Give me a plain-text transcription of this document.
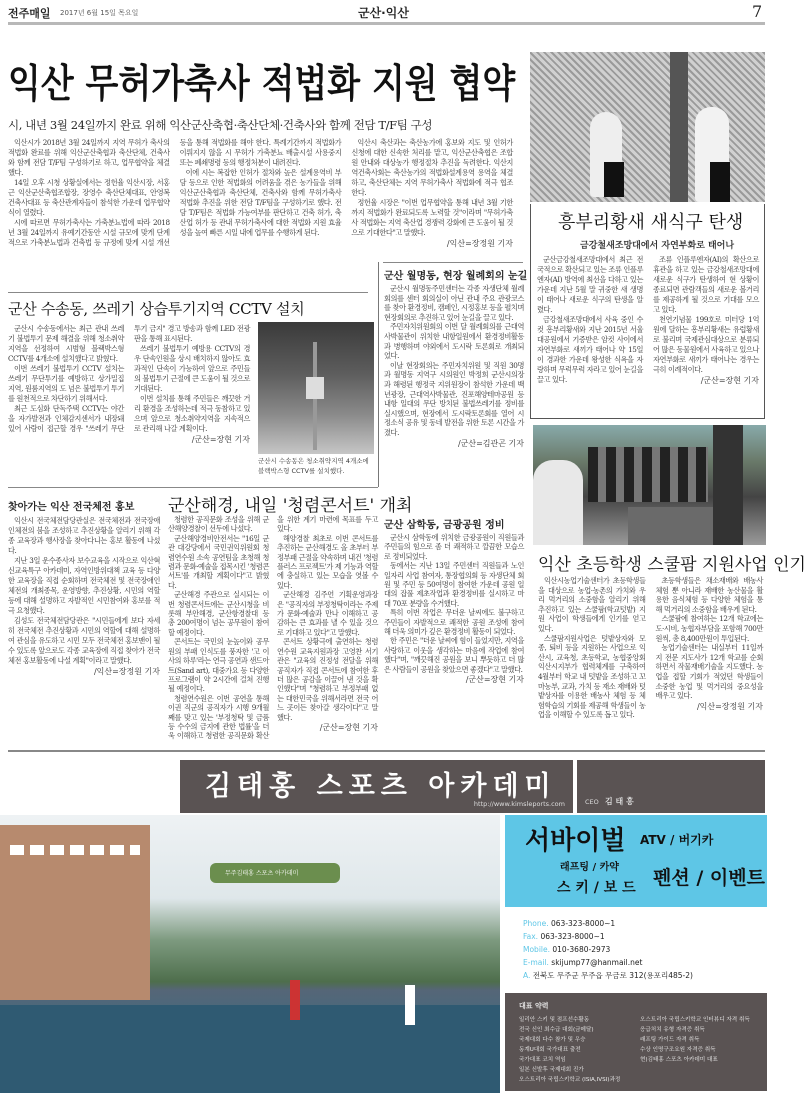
전주매일 2017년 6월 15일 목요일	군산·익산	7
익산 무허가축사 적법화 지원 협약
시, 내년 3월 24일까지 완료 위해 익산군산축협·축산단체·건축사와 함께 전담 T/F팀 구성

익산시가 2018년 3월 24일까지 지역 무허가 축사의 적법화 완료를 위해 익산군산축협과 축산단체, 건축사와 함께 전담 T/F팀 구성하기로 하고, 업무협약을 체결했다.

14일 오후 시청 상황실에서는 정헌율 익산시장, 서홍근 익산군산축협조합장, 장영수 축산단체대표, 안영복 건축사대표 등 축산관계자들이 참석한 가운데 업무협약식이 열렸다.

시에 따르면 무허가축사는 가축분뇨법에 따라 2018년 3월 24일까지 유예기간동안 시설 규모에 맞게 단계적으로 가축분뇨법과 건축법 등 규정에 맞게 시설 개선 등을 통해 적법화를 해야 한다. 특례기간까지 적법화가 이뤄지지 않을 시 무허가 가축분뇨 배출시설 사용중지 또는 폐쇄명령 등의 행정처분이 내려진다.

이에 시는 복잡한 인허가 절차와 높은 설계용역비 부담 등으로 인한 적법화의 어려움을 겪은 농가들을 위해 익산군산축협과 축산단체, 건축사와 함께 무허가축사 적법화 추진을 위한 전담 T/F팀을 구성하기로 했다. 전담 T/F팀은 적법화 가능여부를 판단하고 건축 허가, 축산업 허가 등 관내 무허가축사에 대한 적법화 지원 효율성을 높여 빠른 시일 내에 업무를 수행하게 된다.

익산시 축산과는 축산농가에 홍보와 지도 및 인허가 신청에 대한 신속한 처리를 맡고, 익산군산축협은 조합원 안내와 대상농가 행정절차 추진을 독려한다. 익산지역건축사회는 축산농가의 적법화설계용역 용역을 체결하고, 축산단체는 지역 무허가축사 적법화에 적극 협조한다.

정헌율 시장은 "이번 업무협약을 통해 내년 3월 기한까지 적법화가 완료되도록 노력할 것"이라며 "무허가축사 적법화는 지역 축산업 경쟁력 강화에 큰 도움이 될 것으로 기대한다"고 말했다.

/익산=장정원 기자
흥부리황새 새식구 탄생
금강철새조망대에서 자연부화로 태어나

군산금강철새조망대에서 최근 전국적으로 확산되고 있는 조류 인플루엔자(AI) 방역에 최선을 다하고 있는 가운데 지난 5월 말 귀중한 새 생명이 태어나 새로운 식구의 탄생을 알렸다.

금강철새조망대에서 사육 중인 수컷 흥부리황새와 지난 2015년 서울대공원에서 기증받은 암컷 사이에서 자연부화로 새끼가 태어나 약 15일이 경과한 가운데 왕성한 식욕을 자랑하며 무럭무럭 자라고 있어 눈길을 끌고 있다.

조류 인플루엔자(AI)의 확산으로 휴관을 하고 있는 금강철새조망대에 새로운 식구가 탄생하여 현 상황이 종료되면 관람객들의 새로운 볼거리를 제공하게 될 것으로 기대를 모으고 있다.

천연기념물 199호로 미터당 1억원에 달하는 흥부리황새는 유럽황새로 불리며 국제관심대상으로 분류되어 많은 동물원에서 사육하고 있으나 자연부화로 새끼가 태어나는 경우는 극히 이례적이다.

/군산=장현 기자
군산 수송동, 쓰레기 상습투기지역 CCTV 설치

군산시 수송동에서는 최근 관내 쓰레기 불법투기 문제 해결을 위해 청소취약지역을 선정하여 시범형 블랙박스형 CCTV를 4개소에 설치했다고 밝혔다.

이번 쓰레기 불법투기 CCTV 설치는 쓰레기 무단투기를 예방하고 상가밀집지역, 원룸지역의 도 넘은 불법투기 투기를 원천적으로 차단하기 위해서다.

최근 도심화 단독주택 CCTV는 야간을 자가발전과 인체감지센서가 내장돼 있어 사람이 접근할 경우 "쓰레기 무단투기 금지" 경고 방송과 함께 LED 전광판을 통해 표시된다.

쓰레기 불법투기 예방용 CCTV의 경우 단속인원을 상시 배치하지 않아도 효과적인 단속이 가능하여 앞으로 주민들의 불법투기 근절에 큰 도움이 될 것으로 기대된다.

이번 설치를 통해 주민들은 깨끗한 거리 환경을 조성하는데 적극 동참하고 있으며 앞으로 청소취약지역을 지속적으로 관리해 나갈 계획이다.

/군산=장현 기자
군산시 수송동은 청소취약지역 4개소에 블랙박스형 CCTV를 설치했다.
군산 월명동, 현장 월례회의 눈길

군산시 월명동주민센터는 각종 자생단체 월례회의를 센터 회의실이 아닌 관내 주요 관광코스를 찾아 환경정비, 캠페인, 시정홍보 등을 펼치며 현장회의로 추진하고 있어 눈길을 끌고 있다.

주민자치위원회의 이번 달 월례회의를 근대역사박물관이 위치한 내항일원에서 환경정비활동과 병행하며 야외에서 도시락 토론회로 개최되었다.

이날 현장회의는 주민자치위원 및 직원 30명과 월명동 지역구 시의원인 박정희 군산시의장과 해령된 행정국 지위원장이 참석한 가운데 백년광장, 근대역사박물관, 진포해양테마공원 등 내항 일대의 무단 방치된 불법쓰레기를 정비를 실시했으며, 현장에서 도시락토론회를 열어 시정소식 공유 및 동네 발전을 위한 토론 시간을 가졌다.

/군산=김관곤 기자
익산 초등학생 스쿨팜 지원사업 인기

익산시농업기술센터가 초등학생들을 대상으로 농업·농촌의 가치와 우리 먹거리의 소중함을 알리기 위해 추진하고 있는 스쿨팜(학교텃밭) 지원 사업이 학생들에게 인기를 얻고 있다.

스쿨팜지원사업은 텃밭상자와 모종, 퇴비 등을 지원하는 사업으로 익산시, 교육청, 초등학교, 농협중앙회 익산시지부가 협력체계를 구축하여 4월부터 학교 내 텃밭을 조성하고 꼬마농부, 교과, 가치 등 재소 재배와 텃밭상자를 이용한 배농사 체험 등 체험학습의 기회를 제공해 학생들이 농업을 이해할 수 있도록 돕고 있다.

초등학생들은 채소재배와 배농사 체험 뿐 아니라 재배한 농산물을 활용한 음식체험 등 다양한 체험을 통해 먹거리의 소중함을 배우게 된다.

스쿨팜에 참여하는 12개 학교에는 도·시비, 농협자부담을 포함해 700만원씩, 총 8,400만원이 투입된다.

농업기술센터는 내실부터 11일까지 전문 지도사가 12개 학교를 순회하면서 작물재배기술을 지도했다. 농업을 접할 기회가 적었던 학생들이 소중한 농업 및 먹거리의 중요성을 배우고 있다.

/익산=장정원 기자
찾아가는 익산 전국체전 홍보

익산시 전국체전담당관실은 전국체전과 전국장애인체전의 붐을 조성하고 추진상황을 알리기 위해 각종 교육장과 행사장을 찾아다니는 홍보 활동에 나섰다.

지난 3일 운수종사자 보수교육을 시작으로 익산혁신교육특구 아카데미, 자역인방위대책 교육 등 다양한 교육장을 직접 순회하며 전국체전 및 전국장애인체전의 개최종목, 운영방향, 추진상황, 시민의 역할 등에 대해 설명하고 자발적인 시민참여와 홍보를 적극 요청했다.

김성도 전국체전담당관은 "시민들에게 보다 자세히 전국체전 추진상황과 시민의 역할에 대해 설명하여 관심을 유도하고 시민 모두 전국체전 홍보맨이 될 수 있도록 앞으로도 각종 교육장에 직접 찾아가 전국체전 홍보활동에 나설 계획"이라고 말했다.

/익산=장정원 기자
군산해경, 내일 '청렴콘서트' 개최

청렴한 공직문화 조성을 위해 군산해양경찰이 선두에 나섰다.

군산해양경비안전서는 "16일 군관 대강당에서 국민권익위원회 청렴연수원 소속 공연팀을 초청해 청렴과 문화·예술을 접목시킨 '청렴콘서트'를 개최할 계획이다"고 밝혔다.

군산해경 주관으로 실시되는 이번 청렴콘서트에는 군산시청을 비롯해 부안해경, 군산항경찰대 등 총 200여명이 넘는 공무원이 참여할 예정이다.

콘서트는 국민의 눈높이와 공무원의 부패 인식도를 풍자한 '고 이사의 하루'라는 연극 공연과 샌드아트(Sand art), 대중가요 등 다양한 프로그램이 약 2시간에 걸쳐 진행될 예정이다.

청렴연수원은 이번 공연을 통해 이권 직군의 공직자가 시행 9개월째를 맞고 있는 '부정청탁 및 금품 등 수수의 금지에 관한 법률'을 더욱 이해하고 청렴한 공직문화 확산을 위한 계기 마련에 목표를 두고 있다.

해양경찰 최초로 이번 콘서트를 추진하는 군산해경도 올 초부터 부정부패 근절을 약속하며 내건 '청렴 플러스 프로젝트'가 제 기능과 역할에 충실하고 있는 모습을 엿볼 수 있다.

군산해경 김주언 기획운영과장은 "공직자의 부정청탁이라는 주제가 문화·예술과 만나 이해하고 공감하는 큰 효과를 낼 수 있을 것으로 기대하고 있다"고 말했다.

콘서트 상황극에 출연하는 청렴연수원 교육지원과장 고영찬 서기관은 "교육의 진정성 전달을 위해 공직자가 직접 콘서트에 참여한 후 더 많은 공감을 이끌어 낸 것을 확인했다"며 "청렴하고 부정부패 없는 대한민국을 위해서라면 전국 어느 곳이든 찾아갈 생각이다"고 말했다.

/군산=장현 기자
군산 삼학동, 금광공원 정비

군산시 삼학동에 위치한 금광공원이 직원들과 주민들의 힘으로 좀 더 쾌적하고 깔끔한 모습으로 정비되었다.

동에서는 지난 13일 주민센터 직원들과 노인일자리 사업 참여자, 통장협의회 등 자생단체 회원 및 주민 등 50여명이 참여한 가운데 공원 일대의 잡풀 제초작업과 환경정비를 실시하고 마대 70포 분량을 수거했다.

특히 이번 작업은 무더운 날씨에도 불구하고 주민들이 자발적으로 쾌적한 공원 조성에 참여해 더욱 의미가 깊은 환경정비 활동이 되었다.

한 주민은 "더운 날씨에 힘이 들었지만, 지역을 사랑하고 이웃을 생각하는 마음에 작업에 참여했다"며, "깨끗해진 공원을 보니 뿌듯하고 더 많은 사람들이 공원을 찾았으면 좋겠다"고 말했다.

/군산=장현 기자
김태홍 스포츠 아카데미
http://www.kimsleports.com	CEO 김 태 홍
무주김태홍 스포츠 아카데미
서바이벌 ATV / 버기카
래프팅 / 카약
스 키 / 보 드 펜션 / 이벤트
Phone. 063-323-8000~1
Fax. 063-323-8000~1
Mobile. 010-3680-2973
E-mail. skijump77@hanmail.net
A. 전북도 무주군 무주읍 무금로 312(용포리485-2)
대표 약력
일리안 스키 및 점프선수활동
전국 신인 최수급 대회(금메달)
국제대회 다수 참가 및 우승
동계U대회 국가대표 출전
국가대표 코치 역임
일본 신발후 국제대회 진가
오스트리아 국립스키학교 (ISIA,IVSI)과정
오스트리아 국립스키학교 인터뷰디 자격 취득
응급처치 유형 자격증 취득
래프팅 가이드 자격 취득
수상 인명구조요원 자격증 취득
현)김태홍 스포츠 아카데미 대표
